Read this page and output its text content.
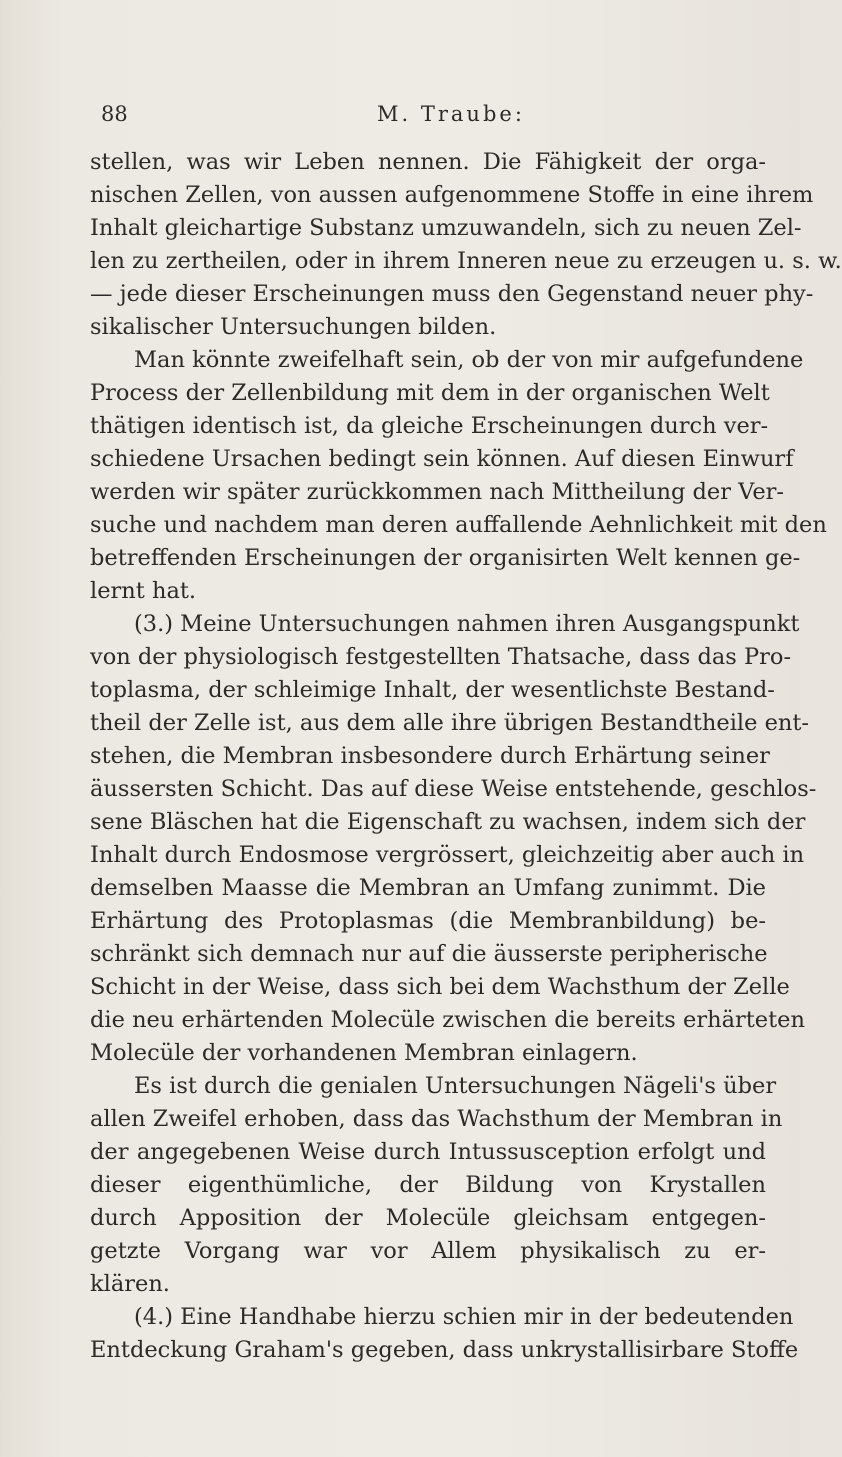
88	M. Traube:
stellen, was wir Leben nennen. Die Fähigkeit der orga-
nischen Zellen, von aussen aufgenommene Stoffe in eine ihrem
Inhalt gleichartige Substanz umzuwandeln, sich zu neuen Zel-
len zu zertheilen, oder in ihrem Inneren neue zu erzeugen u. s. w.
— jede dieser Erscheinungen muss den Gegenstand neuer phy-
sikalischer Untersuchungen bilden.
Man könnte zweifelhaft sein, ob der von mir aufgefundene
Process der Zellenbildung mit dem in der organischen Welt
thätigen identisch ist, da gleiche Erscheinungen durch ver-
schiedene Ursachen bedingt sein können. Auf diesen Einwurf
werden wir später zurückkommen nach Mittheilung der Ver-
suche und nachdem man deren auffallende Aehnlichkeit mit den
betreffenden Erscheinungen der organisirten Welt kennen ge-
lernt hat.
(3.) Meine Untersuchungen nahmen ihren Ausgangspunkt
von der physiologisch festgestellten Thatsache, dass das Pro-
toplasma, der schleimige Inhalt, der wesentlichste Bestand-
theil der Zelle ist, aus dem alle ihre übrigen Bestandtheile ent-
stehen, die Membran insbesondere durch Erhärtung seiner
äussersten Schicht. Das auf diese Weise entstehende, geschlos-
sene Bläschen hat die Eigenschaft zu wachsen, indem sich der
Inhalt durch Endosmose vergrössert, gleichzeitig aber auch in
demselben Maasse die Membran an Umfang zunimmt. Die
Erhärtung des Protoplasmas (die Membranbildung) be-
schränkt sich demnach nur auf die äusserste peripherische
Schicht in der Weise, dass sich bei dem Wachsthum der Zelle
die neu erhärtenden Molecüle zwischen die bereits erhärteten
Molecüle der vorhandenen Membran einlagern.
Es ist durch die genialen Untersuchungen Nägeli's über
allen Zweifel erhoben, dass das Wachsthum der Membran in
der angegebenen Weise durch Intussusception erfolgt und
dieser eigenthümliche, der Bildung von Krystallen
durch Apposition der Molecüle gleichsam entgegen-
getzte Vorgang war vor Allem physikalisch zu er-
klären.
(4.) Eine Handhabe hierzu schien mir in der bedeutenden
Entdeckung Graham's gegeben, dass unkrystallisirbare Stoffe
